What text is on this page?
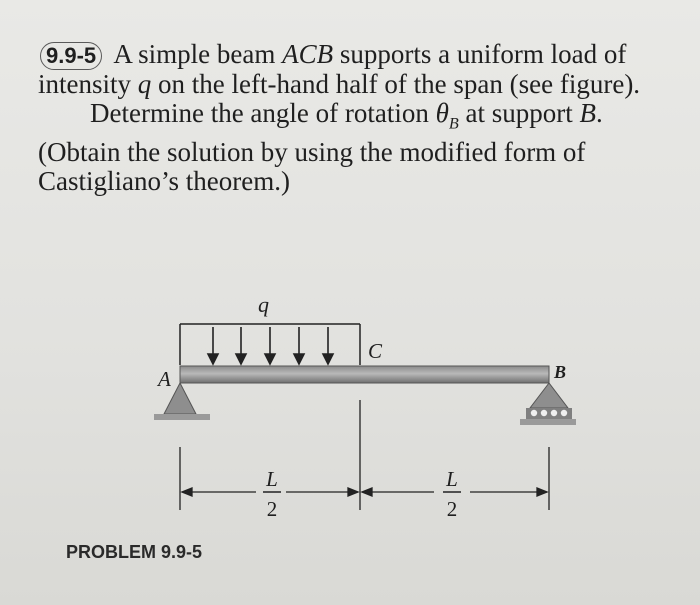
9.9-5 A simple beam ACB supports a uniform load of intensity q on the left-hand half of the span (see figure).

Determine the angle of rotation $\theta_B$ at support B. (Obtain the solution by using the modified form of Castigliano’s theorem.)

q
A
C
B
L
2
L
2
PROBLEM 9.9-5
